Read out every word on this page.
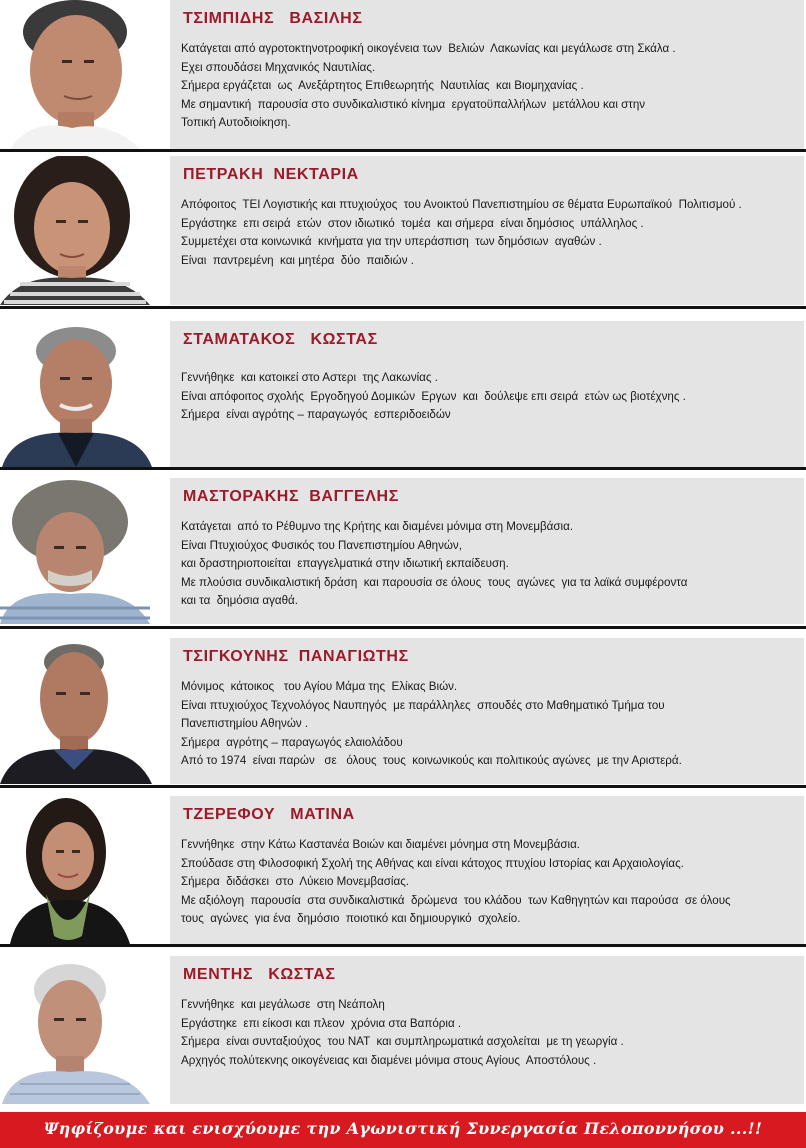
ΤΣΙΜΠΙΔΗΣ   ΒΑΣΙΛΗΣ
Κατάγεται από αγροτοκτηνοτροφική οικογένεια των  Βελιών  Λακωνίας και μεγάλωσε στη Σκάλα .
Εχει σπουδάσει Μηχανικός Ναυτιλίας.
Σήμερα εργάζεται  ως  Ανεξάρτητος Επιθεωρητής  Ναυτιλίας  και Βιομηχανίας .
Με σημαντική  παρουσία στο συνδικαλιστικό κίνημα  εργατοϋπαλλήλων  μετάλλου και στην
Τοπική Αυτοδιοίκηση.
ΠΕΤΡΑΚΗ  ΝΕΚΤΑΡΙΑ
Απόφοιτος  ΤΕΙ Λογιστικής και πτυχιούχος  του Ανοικτού Πανεπιστημίου σε θέματα Ευρωπαϊκού  Πολιτισμού .
Εργάστηκε  επι σειρά  ετών  στον ιδιωτικό  τομέα  και σήμερα  είναι δημόσιος  υπάλληλος .
Συμμετέχει στα κοινωνικά  κινήματα για την υπεράσπιση  των δημόσιων  αγαθών .
Είναι  παντρεμένη  και μητέρα  δύο  παιδιών .
ΣΤΑΜΑΤΑΚΟΣ   ΚΩΣΤΑΣ
Γεννήθηκε  και κατοικεί στο Αστερι  της Λακωνίας .
Είναι απόφοιτος σχολής  Εργοδηγού Δομικών  Εργων  και  δούλεψε επι σειρά  ετών ως βιοτέχνης .
Σήμερα  είναι αγρότης – παραγωγός  εσπεριδοειδών
ΜΑΣΤΟΡΑΚΗΣ  ΒΑΓΓΕΛΗΣ
Κατάγεται  από το Ρέθυμνο της Κρήτης και διαμένει μόνιμα στη Μονεμβάσια.
Είναι Πτυχιούχος Φυσικός του Πανεπιστημίου Αθηνών,
και δραστηριοποιείται  επαγγελματικά στην ιδιωτική εκπαίδευση.
Με πλούσια συνδικαλιστική δράση  και παρουσία σε όλους  τους  αγώνες  για τα λαϊκά συμφέροντα
και τα  δημόσια αγαθά.
ΤΣΙΓΚΟΥΝΗΣ  ΠΑΝΑΓΙΩΤΗΣ
Μόνιμος  κάτοικος   του Αγίου Μάμα της  Ελίκας Βιών.
Είναι πτυχιούχος Τεχνολόγος Ναυπηγός  με παράλληλες  σπουδές στο Μαθηματικό Τμήμα του
Πανεπιστημίου Αθηνών .
Σήμερα  αγρότης – παραγωγός ελαιολάδου
Από το 1974  είναι παρών   σε   όλους  τους  κοινωνικούς και πολιτικούς αγώνες  με την Αριστερά.
ΤΖΕΡΕΦΟΥ   ΜΑΤΙΝΑ
Γεννήθηκε  στην Κάτω Καστανέα Βοιών και διαμένει μόνημα στη Μονεμβάσια.
Σπούδασε στη Φιλοσοφική Σχολή της Αθήνας και είναι κάτοχος πτυχίου Ιστορίας και Αρχαιολογίας.
Σήμερα  διδάσκει  στο  Λύκειο Μονεμβασίας.
Με αξιόλογη  παρουσία  στα συνδικαλιστικά  δρώμενα  του κλάδου  των Καθηγητών και παρούσα  σε όλους
τους  αγώνες  για ένα  δημόσιο  ποιοτικό και δημιουργικό  σχολείο.
ΜΕΝΤΗΣ   ΚΩΣΤΑΣ
Γεννήθηκε  και μεγάλωσε  στη Νεάπολη
Εργάστηκε  επι είκοσι και πλεον  χρόνια στα Βαπόρια .
Σήμερα  είναι συνταξιούχος  του ΝΑΤ  και συμπληρωματικά ασχολείται  με τη γεωργία .
Αρχηγός πολύτεκνης οικογένειας και διαμένει μόνιμα στους Αγίους  Αποστόλους .
Ψηφίζουμε και ενισχύουμε την Αγωνιστική Συνεργασία Πελοποννήσου ...!!
